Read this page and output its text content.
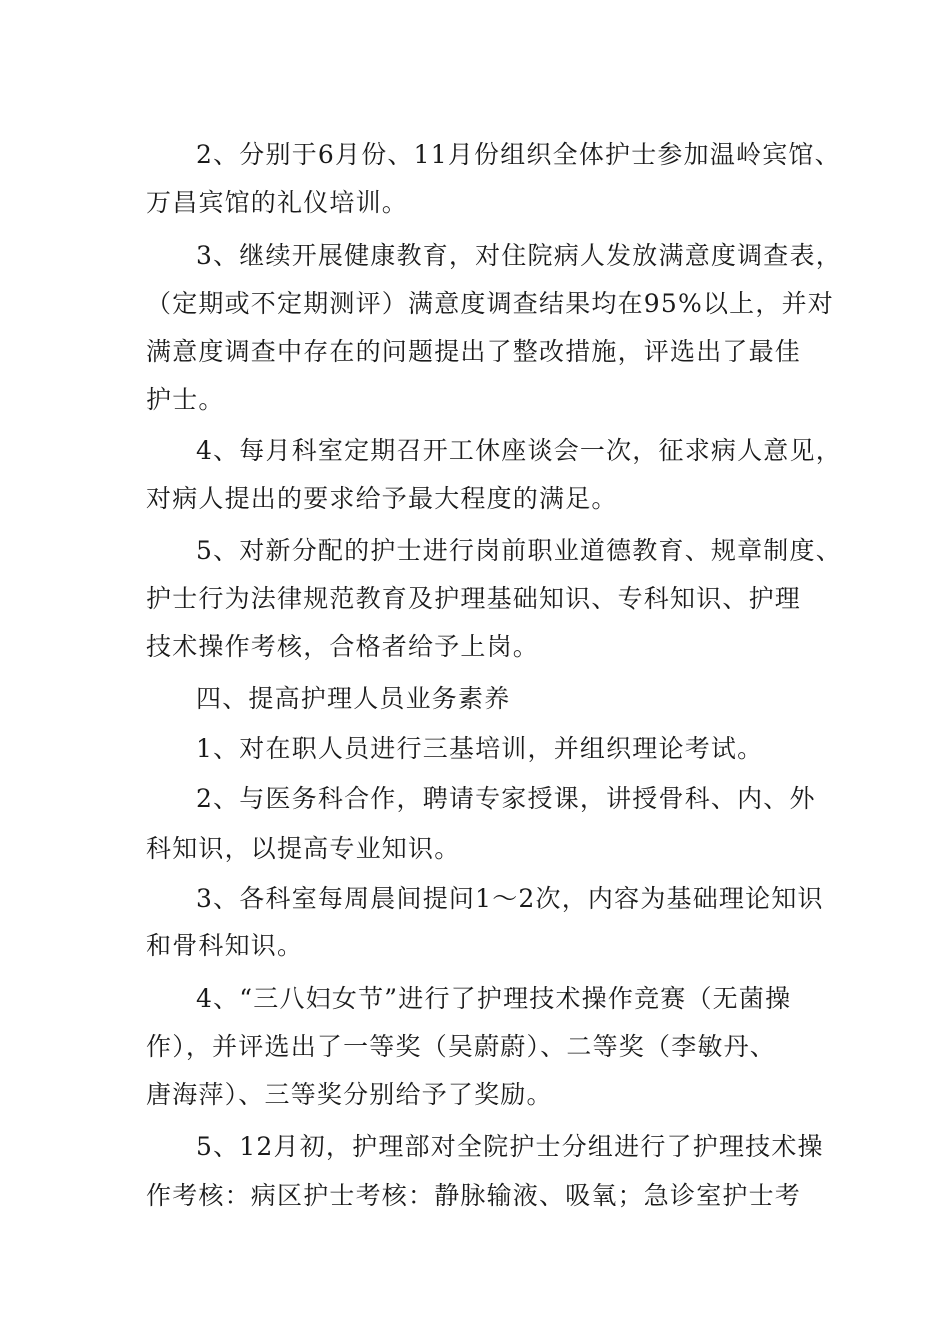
2、分别于6月份、11月份组织全体护士参加温岭宾馆、

万昌宾馆的礼仪培训。

3、继续开展健康教育，对住院病人发放满意度调查表，

（定期或不定期测评）满意度调查结果均在95%以上，并对

满意度调查中存在的问题提出了整改措施，评选出了最佳

护士。

4、每月科室定期召开工休座谈会一次，征求病人意见，

对病人提出的要求给予最大程度的满足。

5、对新分配的护士进行岗前职业道德教育、规章制度、

护士行为法律规范教育及护理基础知识、专科知识、护理

技术操作考核，合格者给予上岗。

四、提高护理人员业务素养

1、对在职人员进行三基培训，并组织理论考试。

2、与医务科合作，聘请专家授课，讲授骨科、内、外

科知识，以提高专业知识。

3、各科室每周晨间提问1～2次，内容为基础理论知识

和骨科知识。

4、“三八妇女节”进行了护理技术操作竞赛（无菌操

作），并评选出了一等奖（吴蔚蔚）、二等奖（李敏丹、

唐海萍）、三等奖分别给予了奖励。

5、12月初，护理部对全院护士分组进行了护理技术操

作考核：病区护士考核：静脉输液、吸氧；急诊室护士考
